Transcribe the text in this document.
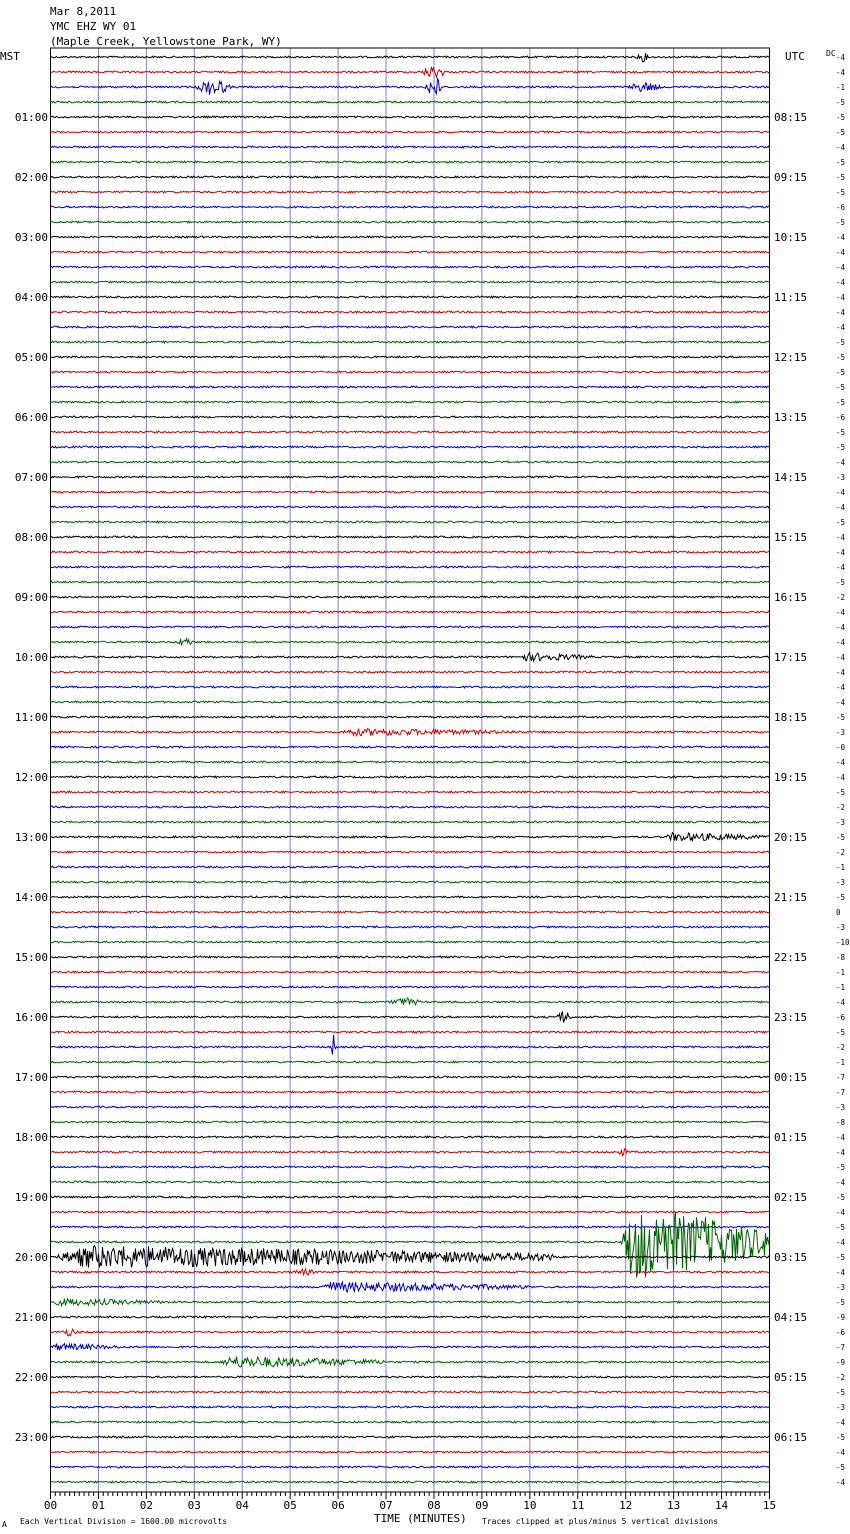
Mar 8,2011
YMC EHZ WY 01
(Maple Creek, Yellowstone Park, WY)
MST	UTC	DC -4
-4
-1
-5
-5
-5
-4
-5
-5
-5
-6
-5
-4
-4
-4
-4
-4
-4
-4
-5
-5
-5
-5
-5
-6
-5
-5
-4
-3
-4
-4
-5
-4
-4
-4
-5
-2
-4
-4
-4
-4
-4
-4
-4
-5
-3
-0
-4
-4
-5
-2
-3
-5
-2
-1
-3
-5
0
-3
-10
-8
-1
-1
-4
-6
-5
-2
-1
-7
-7
-3
-8
-4
-4
-5
-4
-5
-4
-5
-4
-5
-4
-3
-5
-9
-6
-7
-9
-2
-5
-3
-4
-5
-4
-5
-4
01:00
02:00
03:00
04:00
05:00
06:00
07:00
08:00
09:00
10:00
11:00
12:00
13:00
14:00
15:00
16:00
17:00
18:00
19:00
20:00
21:00
22:00
23:00
08:15
09:15
10:15
11:15
12:15
13:15
14:15
15:15
16:15
17:15
18:15
19:15
20:15
21:15
22:15
23:15
00:15
01:15
02:15
03:15
04:15
05:15
06:15
00	01	02	03	04	05	06	07	08	09	10	11	12	13	14	15
A Each Vertical Division = 1600.00 microvolts	TIME (MINUTES) Traces clipped at plus/minus 5 vertical divisions
